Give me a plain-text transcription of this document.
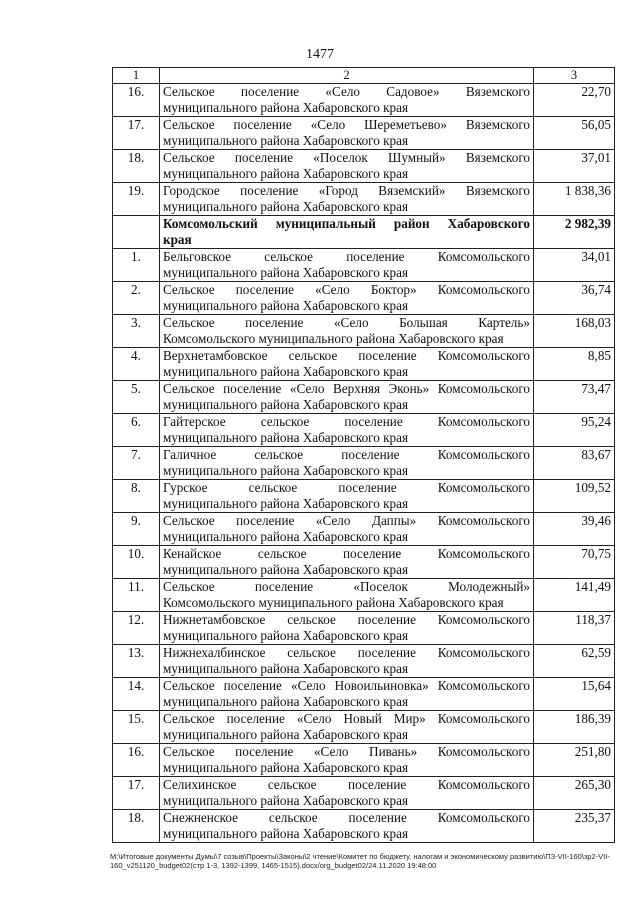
1477
1	2	3
16.	Сельское поселение «Село Садовое» Вяземского
муниципального района Хабаровского края	22,70
17.	Сельское поселение «Село Шереметьево» Вяземского
муниципального района Хабаровского края	56,05
18.	Сельское поселение «Поселок Шумный» Вяземского
муниципального района Хабаровского края	37,01
19.	Городское поселение «Город Вяземский» Вяземского
муниципального района Хабаровского края	1 838,36

	Комсомольский муниципальный район Хабаровского
края	2 982,39
1.	Бельговское сельское поселение Комсомольского
муниципального района Хабаровского края	34,01
2.	Сельское поселение «Село Боктор» Комсомольского
муниципального района Хабаровского края	36,74
3.	Сельское поселение «Село Большая Картель»
Комсомольского муниципального района Хабаровского края	168,03
4.	Верхнетамбовское сельское поселение Комсомольского
муниципального района Хабаровского края	8,85
5.	Сельское поселение «Село Верхняя Эконь» Комсомольского
муниципального района Хабаровского края	73,47
6.	Гайтерское сельское поселение Комсомольского
муниципального района Хабаровского края	95,24
7.	Галичное сельское поселение Комсомольского
муниципального района Хабаровского края	83,67
8.	Гурское сельское поселение Комсомольского
муниципального района Хабаровского края	109,52
9.	Сельское поселение «Село Даппы» Комсомольского
муниципального района Хабаровского края	39,46
10.	Кенайское сельское поселение Комсомольского
муниципального района Хабаровского края	70,75
11.	Сельское поселение «Поселок Молодежный»
Комсомольского муниципального района Хабаровского края	141,49
12.	Нижнетамбовское сельское поселение Комсомольского
муниципального района Хабаровского края	118,37
13.	Нижнехалбинское сельское поселение Комсомольского
муниципального района Хабаровского края	62,59
14.	Сельское поселение «Село Новоильиновка» Комсомольского
муниципального района Хабаровского края	15,64
15.	Сельское поселение «Село Новый Мир» Комсомольского
муниципального района Хабаровского края	186,39
16.	Сельское поселение «Село Пивань» Комсомольского
муниципального района Хабаровского края	251,80
17.	Селихинское сельское поселение Комсомольского
муниципального района Хабаровского края	265,30
18.	Снежненское сельское поселение Комсомольского
муниципального района Хабаровского края	235,37
M:\Итоговые документы Думы\7 созыв\Проекты\Законы\2 чтение\Комитет по бюджету, налогам и экономическому развитию\ПЗ-VII-160\зр2-VII-160_v251120_budget02(стр 1-3, 1392-1399, 1465-1515).docx/org_budget02/24.11.2020 19:48:00
